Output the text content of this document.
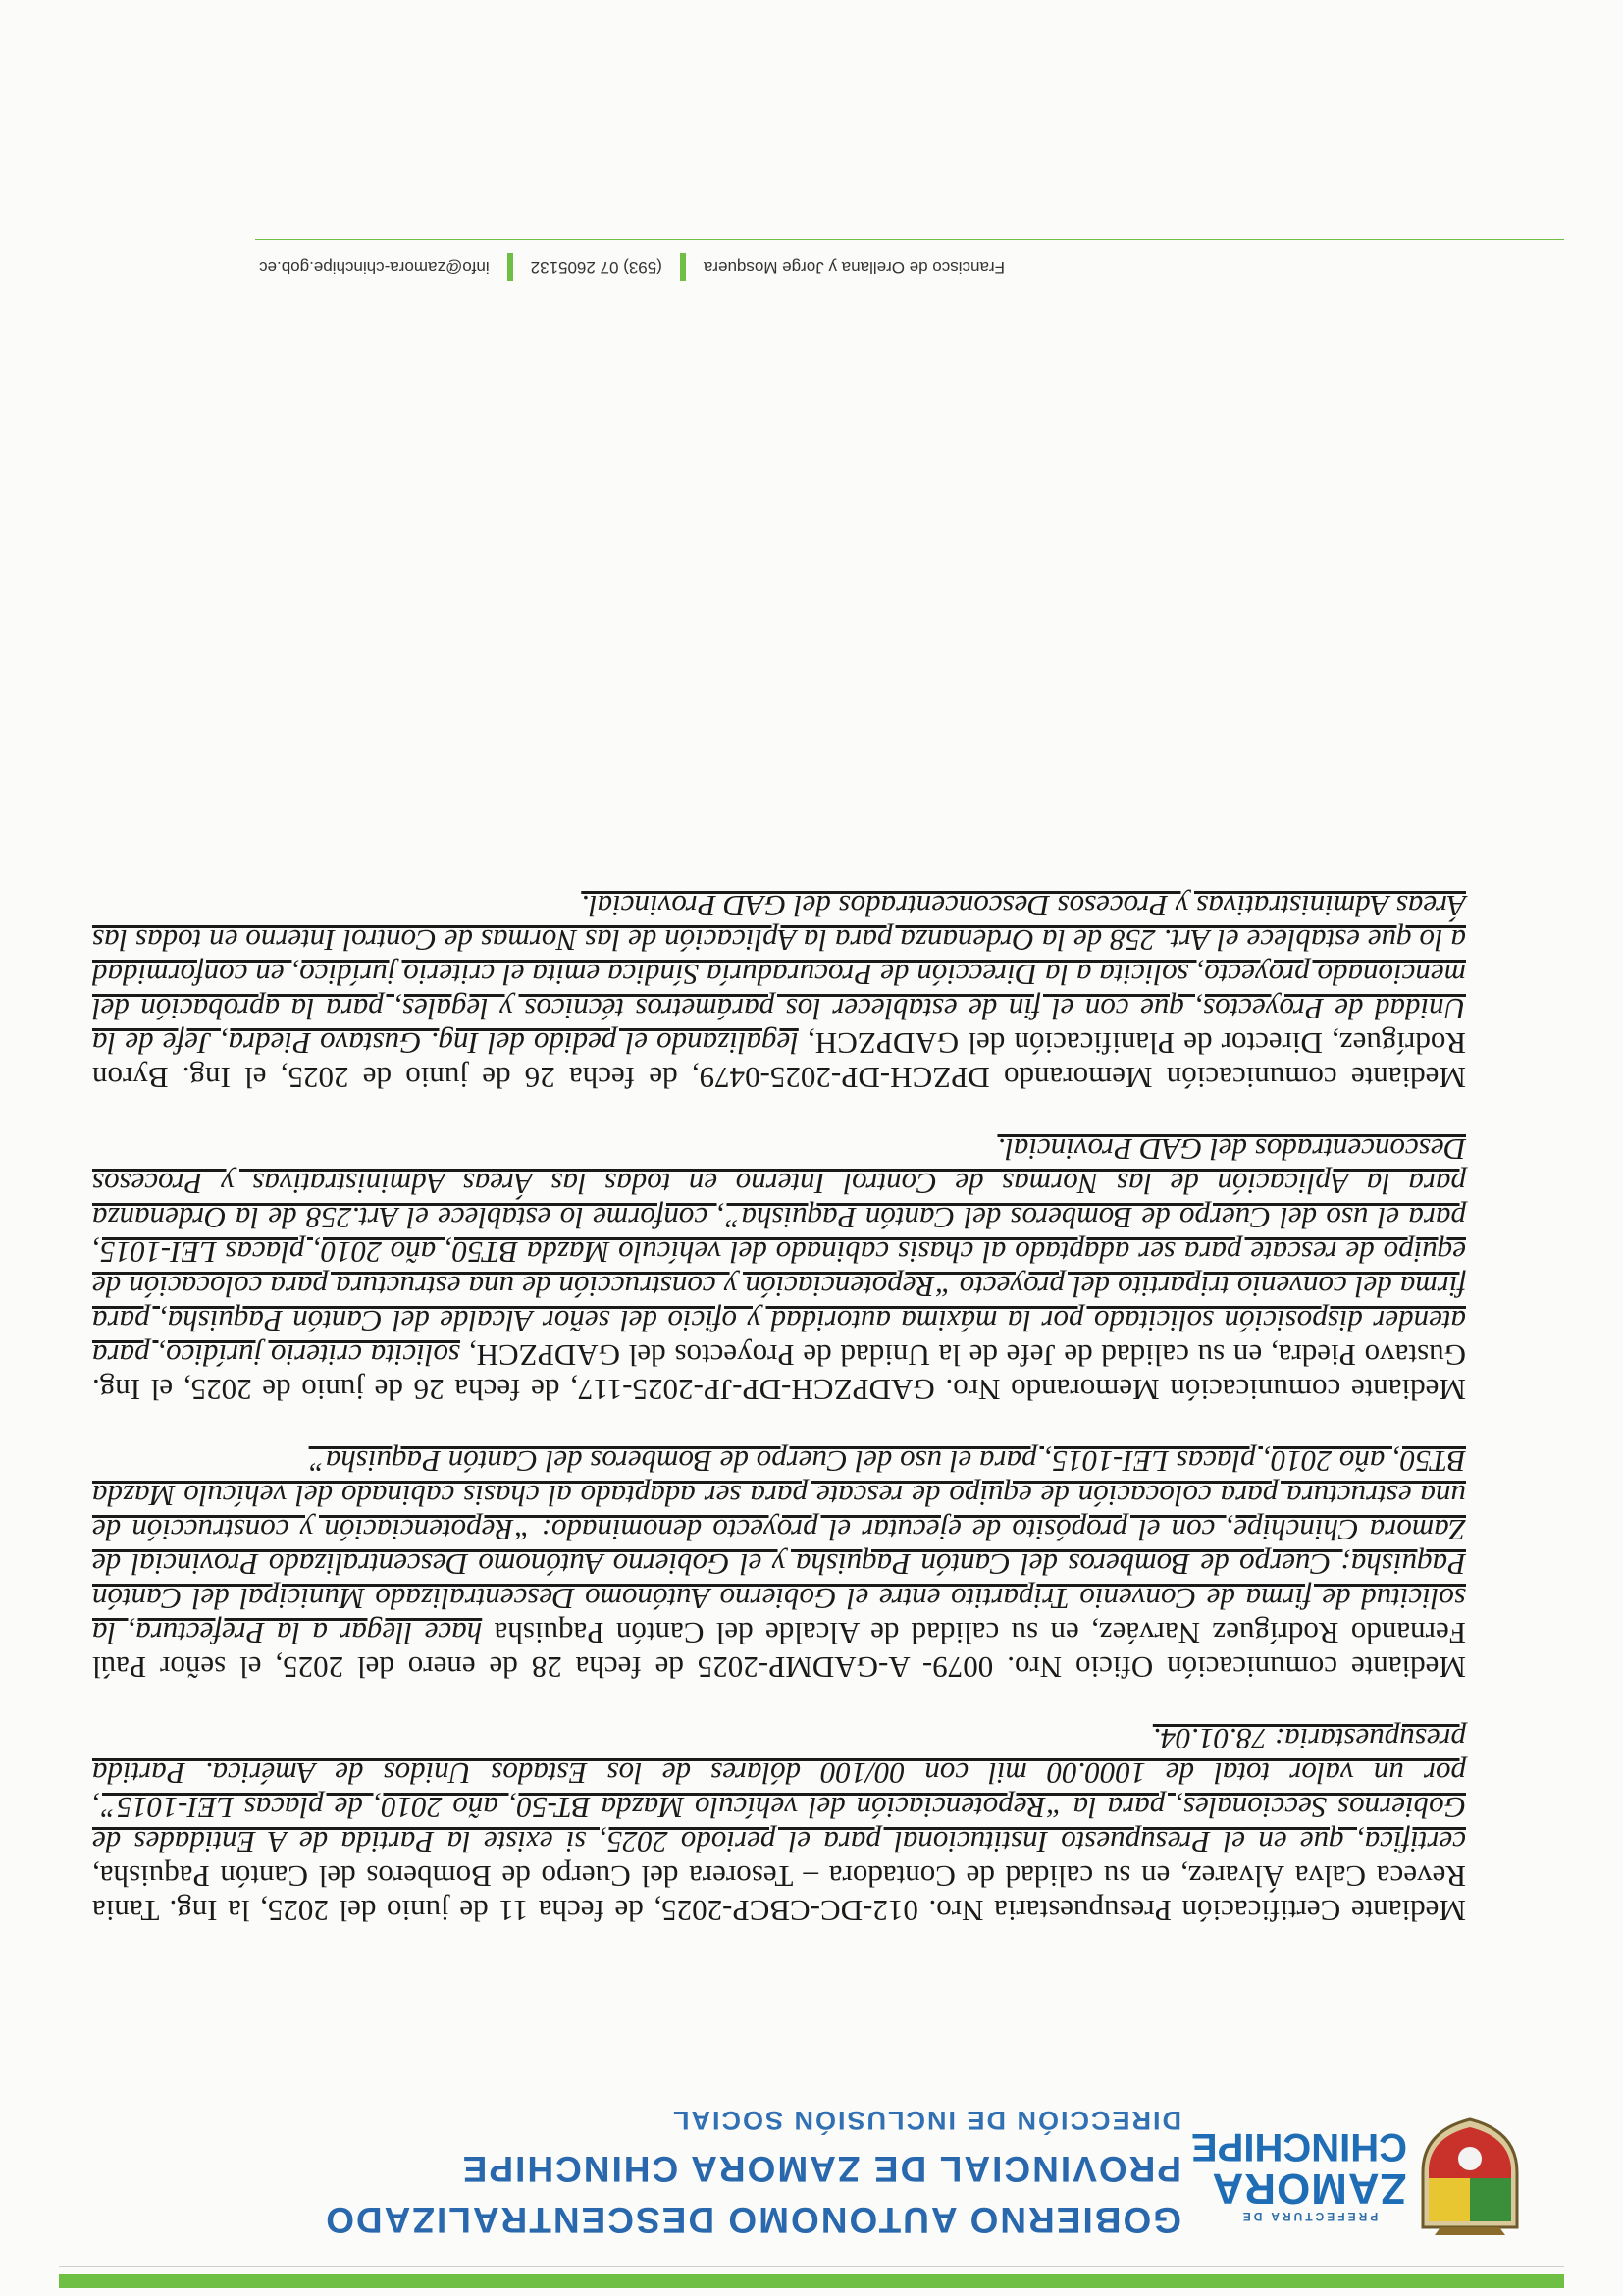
PREFECTURA DE
ZAMORA
CHINCHIPE
GOBIERNO AUTONOMO DESCENTRALIZADO
PROVINCIAL DE ZAMORA CHINCHIPE
DIRECCIÓN DE INCLUSIÓN SOCIAL

Mediante Certificación Presupuestaria Nro. 012-DC-CBCP-2025, de fecha 11 de junio del 2025, la Ing. Tania Reveca Calva Álvarez, en su calidad de Contadora – Tesorera del Cuerpo de Bomberos del Cantón Paquisha, certifica, que en el Presupuesto Institucional para el periodo 2025, si existe la Partida de A Entidades de Gobiernos Seccionales, para la “Repotenciación del vehículo Mazda BT-50, año 2010, de placas LEI-1015”, por un valor total de 1000.00 mil con 00/100 dólares de los Estados Unidos de América. Partida presupuestaria: 78.01.04.

Mediante comunicación Oficio Nro. 0079- A-GADMP-2025 de fecha 28 de enero del 2025, el señor Paúl Fernando Rodríguez Narváez, en su calidad de Alcalde del Cantón Paquisha hace llegar a la Prefectura, la solicitud de firma de Convenio Tripartito entre el Gobierno Autónomo Descentralizado Municipal del Cantón Paquisha; Cuerpo de Bomberos del Cantón Paquisha y el Gobierno Autónomo Descentralizado Provincial de Zamora Chinchipe, con el propósito de ejecutar el proyecto denominado: “Repotenciación y construcción de una estructura para colocación de equipo de rescate para ser adaptado al chasis cabinado del vehículo Mazda BT50, año 2010, placas LEI-1015, para el uso del Cuerpo de Bomberos del Cantón Paquisha”

Mediante comunicación Memorando Nro. GADPZCH-DP-JP-2025-117, de fecha 26 de junio de 2025, el Ing. Gustavo Piedra, en su calidad de Jefe de la Unidad de Proyectos del GADPZCH, solicita criterio jurídico, para atender disposición solicitado por la máxima autoridad y oficio del señor Alcalde del Cantón Paquisha, para firma del convenio tripartito del proyecto “Repotenciación y construcción de una estructura para colocación de equipo de rescate para ser adaptado al chasis cabinado del vehículo Mazda BT50, año 2010, placas LEI-1015, para el uso del Cuerpo de Bomberos del Cantón Paquisha”, conforme lo establece el Art.258 de la Ordenanza para la Aplicación de las Normas de Control Interno en todas las Áreas Administrativas y Procesos Desconcentrados del GAD Provincial.

Mediante comunicación Memorando DPZCH-DP-2025-0479, de fecha 26 de junio de 2025, el Ing. Byron Rodríguez, Director de Planificación del GADPZCH, legalizando el pedido del Ing. Gustavo Piedra, Jefe de la Unidad de Proyectos, que con el fin de establecer los parámetros técnicos y legales, para la aprobación del mencionado proyecto, solicita a la Dirección de Procuraduría Síndica emita el criterio jurídico, en conformidad a lo que establece el Art. 258 de la Ordenanza para la Aplicación de las Normas de Control Interno en todas las Áreas Administrativas y Procesos Desconcentrados del GAD Provincial.

Francisco de Orellana y Jorge Mosquera
(593) 07 2605132
info@zamora-chinchipe.gob.ec
